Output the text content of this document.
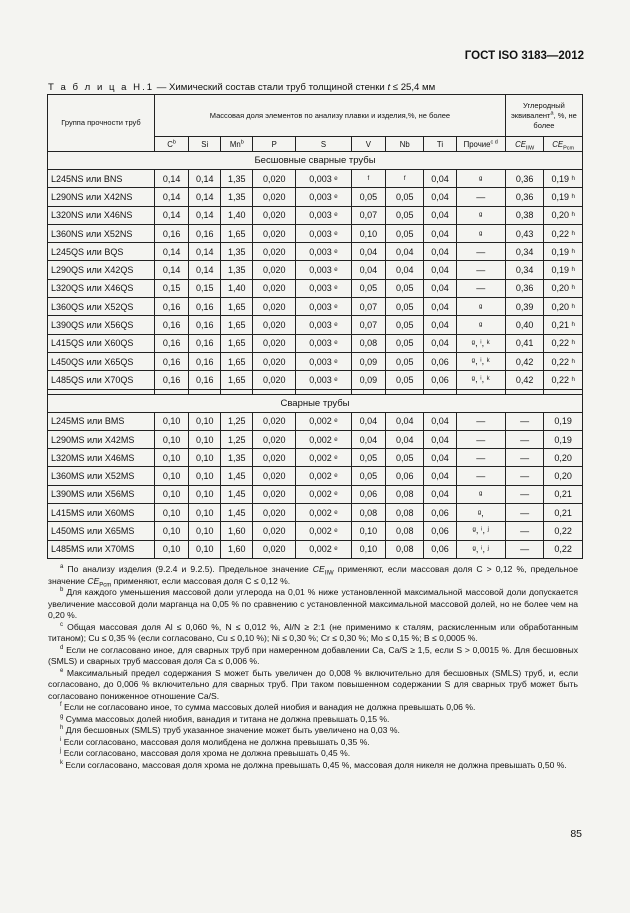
ГОСТ ISO 3183—2012
Т а б л и ц а Н.1 — Химический состав стали труб толщиной стенки t ≤ 25,4 мм
Группа прочности труб	Массовая доля элементов по анализу плавки и изделия,%, не более									Углеродный эквивалент$^a$, %, не более	
	$C^b$	Si	Mn$^b$	P	S	V	Nb	Ti	Прочие$^{c d}$	$CE_{IIW}$	$CE_{Pcm}$
Бесшовные сварные трубы											
L245NS или BNS	0,14	0,14	1,35	0,020	0,003 ᵉ	ᶠ	ᶠ	0,04	ᵍ	0,36	0,19 ʰ
L290NS или X42NS	0,14	0,14	1,35	0,020	0,003 ᵉ	0,05	0,05	0,04	—	0,36	0,19 ʰ
L320NS или X46NS	0,14	0,14	1,40	0,020	0,003 ᵉ	0,07	0,05	0,04	ᵍ	0,38	0,20 ʰ
L360NS или X52NS	0,16	0,16	1,65	0,020	0,003 ᵉ	0,10	0,05	0,04	ᵍ	0,43	0,22 ʰ
L245QS или BQS	0,14	0,14	1,35	0,020	0,003 ᵉ	0,04	0,04	0,04	—	0,34	0,19 ʰ
L290QS или X42QS	0,14	0,14	1,35	0,020	0,003 ᵉ	0,04	0,04	0,04	—	0,34	0,19 ʰ
L320QS или X46QS	0,15	0,15	1,40	0,020	0,003 ᵉ	0,05	0,05	0,04	—	0,36	0,20 ʰ
L360QS или X52QS	0,16	0,16	1,65	0,020	0,003 ᵉ	0,07	0,05	0,04	ᵍ	0,39	0,20 ʰ
L390QS или X56QS	0,16	0,16	1,65	0,020	0,003 ᵉ	0,07	0,05	0,04	ᵍ	0,40	0,21 ʰ
L415QS или X60QS	0,16	0,16	1,65	0,020	0,003 ᵉ	0,08	0,05	0,04	ᵍ, ⁱ, ᵏ	0,41	0,22 ʰ
L450QS или X65QS	0,16	0,16	1,65	0,020	0,003 ᵉ	0,09	0,05	0,06	ᵍ, ⁱ, ᵏ	0,42	0,22 ʰ
L485QS или X70QS	0,16	0,16	1,65	0,020	0,003 ᵉ	0,09	0,05	0,06	ᵍ, ⁱ, ᵏ	0,42	0,22 ʰ

Сварные трубы											
L245MS или BMS	0,10	0,10	1,25	0,020	0,002 ᵉ	0,04	0,04	0,04	—	—	0,19
L290MS или X42MS	0,10	0,10	1,25	0,020	0,002 ᵉ	0,04	0,04	0,04	—	—	0,19
L320MS или X46MS	0,10	0,10	1,35	0,020	0,002 ᵉ	0,05	0,05	0,04	—	—	0,20
L360MS или X52MS	0,10	0,10	1,45	0,020	0,002 ᵉ	0,05	0,06	0,04	—	—	0,20
L390MS или X56MS	0,10	0,10	1,45	0,020	0,002 ᵉ	0,06	0,08	0,04	ᵍ	—	0,21
L415MS или X60MS	0,10	0,10	1,45	0,020	0,002 ᵉ	0,08	0,08	0,06	ᵍ,	—	0,21
L450MS или X65MS	0,10	0,10	1,60	0,020	0,002 ᵉ	0,10	0,08	0,06	ᵍ, ⁱ, ʲ	—	0,22
L485MS или X70MS	0,10	0,10	1,60	0,020	0,002 ᵉ	0,10	0,08	0,06	ᵍ, ⁱ, ʲ	—	0,22

$^a$ По анализу изделия (9.2.4 и 9.2.5). Предельное значение $CE_{IIW}$ применяют, если массовая доля C > 0,12 %, предельное значение $CE_{Pcm}$ применяют, если массовая доля C ≤ 0,12 %.

$^b$ Для каждого уменьшения массовой доли углерода на 0,01 % ниже установленной максимальной массовой доли допускается увеличение массовой доли марганца на 0,05 % по сравнению с установленной максимальной массовой долей, но не более чем на 0,20 %.

$^c$ Общая массовая доля Al ≤ 0,060 %, N ≤ 0,012 %, Al/N ≥ 2:1 (не применимо к сталям, раскисленным или обработанным титаном); Cu ≤ 0,35 % (если согласовано, Cu ≤ 0,10 %); Ni ≤ 0,30 %; Cr ≤ 0,30 %; Mo ≤ 0,15 %; B ≤ 0,0005 %.

$^d$ Если не согласовано иное, для сварных труб при намеренном добавлении Ca, Ca/S ≥ 1,5, если S > 0,0015 %. Для бесшовных (SMLS) и сварных труб массовая доля Ca ≤ 0,006 %.

$^e$ Максимальный предел содержания S может быть увеличен до 0,008 % включительно для бесшовных (SMLS) труб, и, если согласовано, до 0,006 % включительно для сварных труб. При таком повышенном содержании S для сварных труб может быть согласовано пониженное отношение Ca/S.

$^f$ Если не согласовано иное, то сумма массовых долей ниобия и ванадия не должна превышать 0,06 %.

$^g$ Сумма массовых долей ниобия, ванадия и титана не должна превышать 0,15 %.

$^h$ Для бесшовных (SMLS) труб указанное значение может быть увеличено на 0,03 %.

$^i$ Если согласовано, массовая доля молибдена не должна превышать 0,35 %.

$^j$ Если согласовано, массовая доля хрома не должна превышать 0,45 %.

$^k$ Если согласовано, массовая доля хрома не должна превышать 0,45 %, массовая доля никеля не должна превышать 0,50 %.

85
